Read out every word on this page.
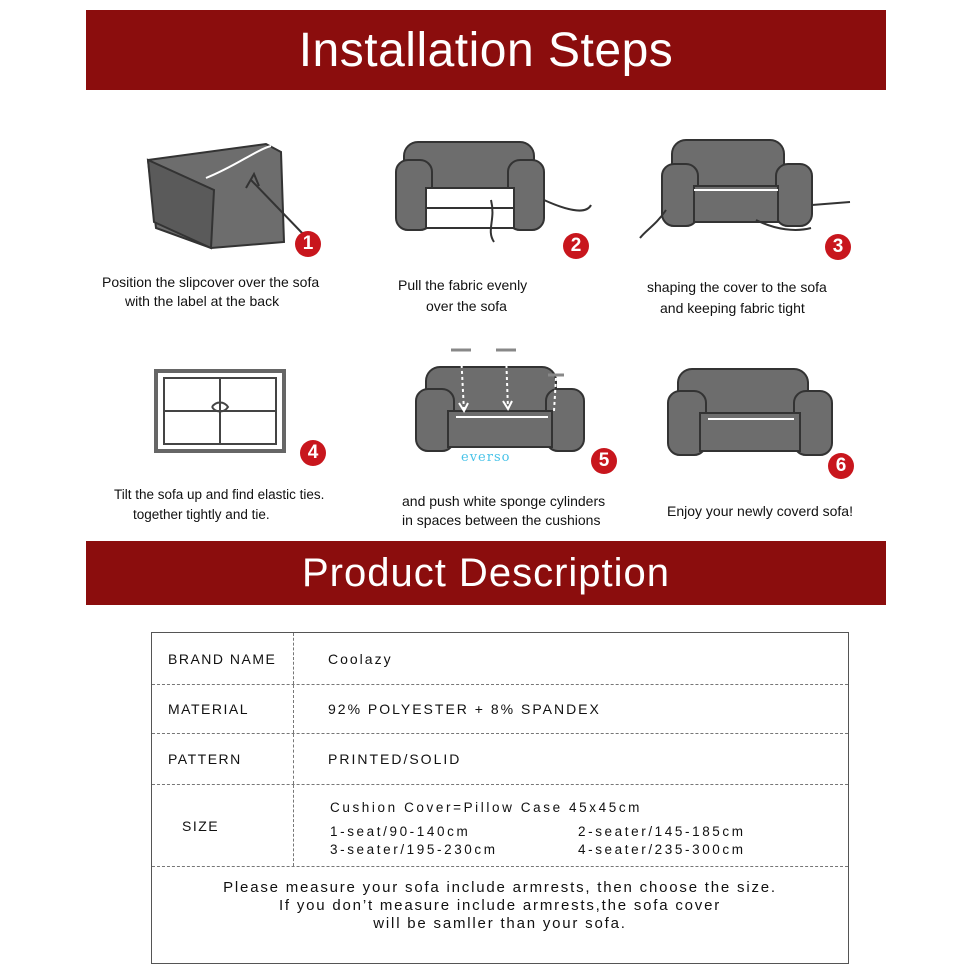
Installation Steps
1
Position the slipcover over the sofa
with the label at the back
2
Pull the fabric evenly
over the sofa
3
shaping the cover to the sofa
and keeping fabric tight
4
Tilt the sofa up and find elastic ties.
together tightly and tie.
5
and push white sponge cylinders
in spaces between the cushions
6
Enjoy your newly coverd sofa!
everso
Product Description
BRAND NAME	Coolazy
MATERIAL	92% POLYESTER + 8% SPANDEX
PATTERN	PRINTED/SOLID
SIZE
Cushion Cover=Pillow Case 45x45cm
1-seat/90-140cm	2-seater/145-185cm
3-seater/195-230cm	4-seater/235-300cm
Please measure your sofa include armrests, then choose the size.
If you don’t measure include armrests,the sofa cover
will be samller than your sofa.
